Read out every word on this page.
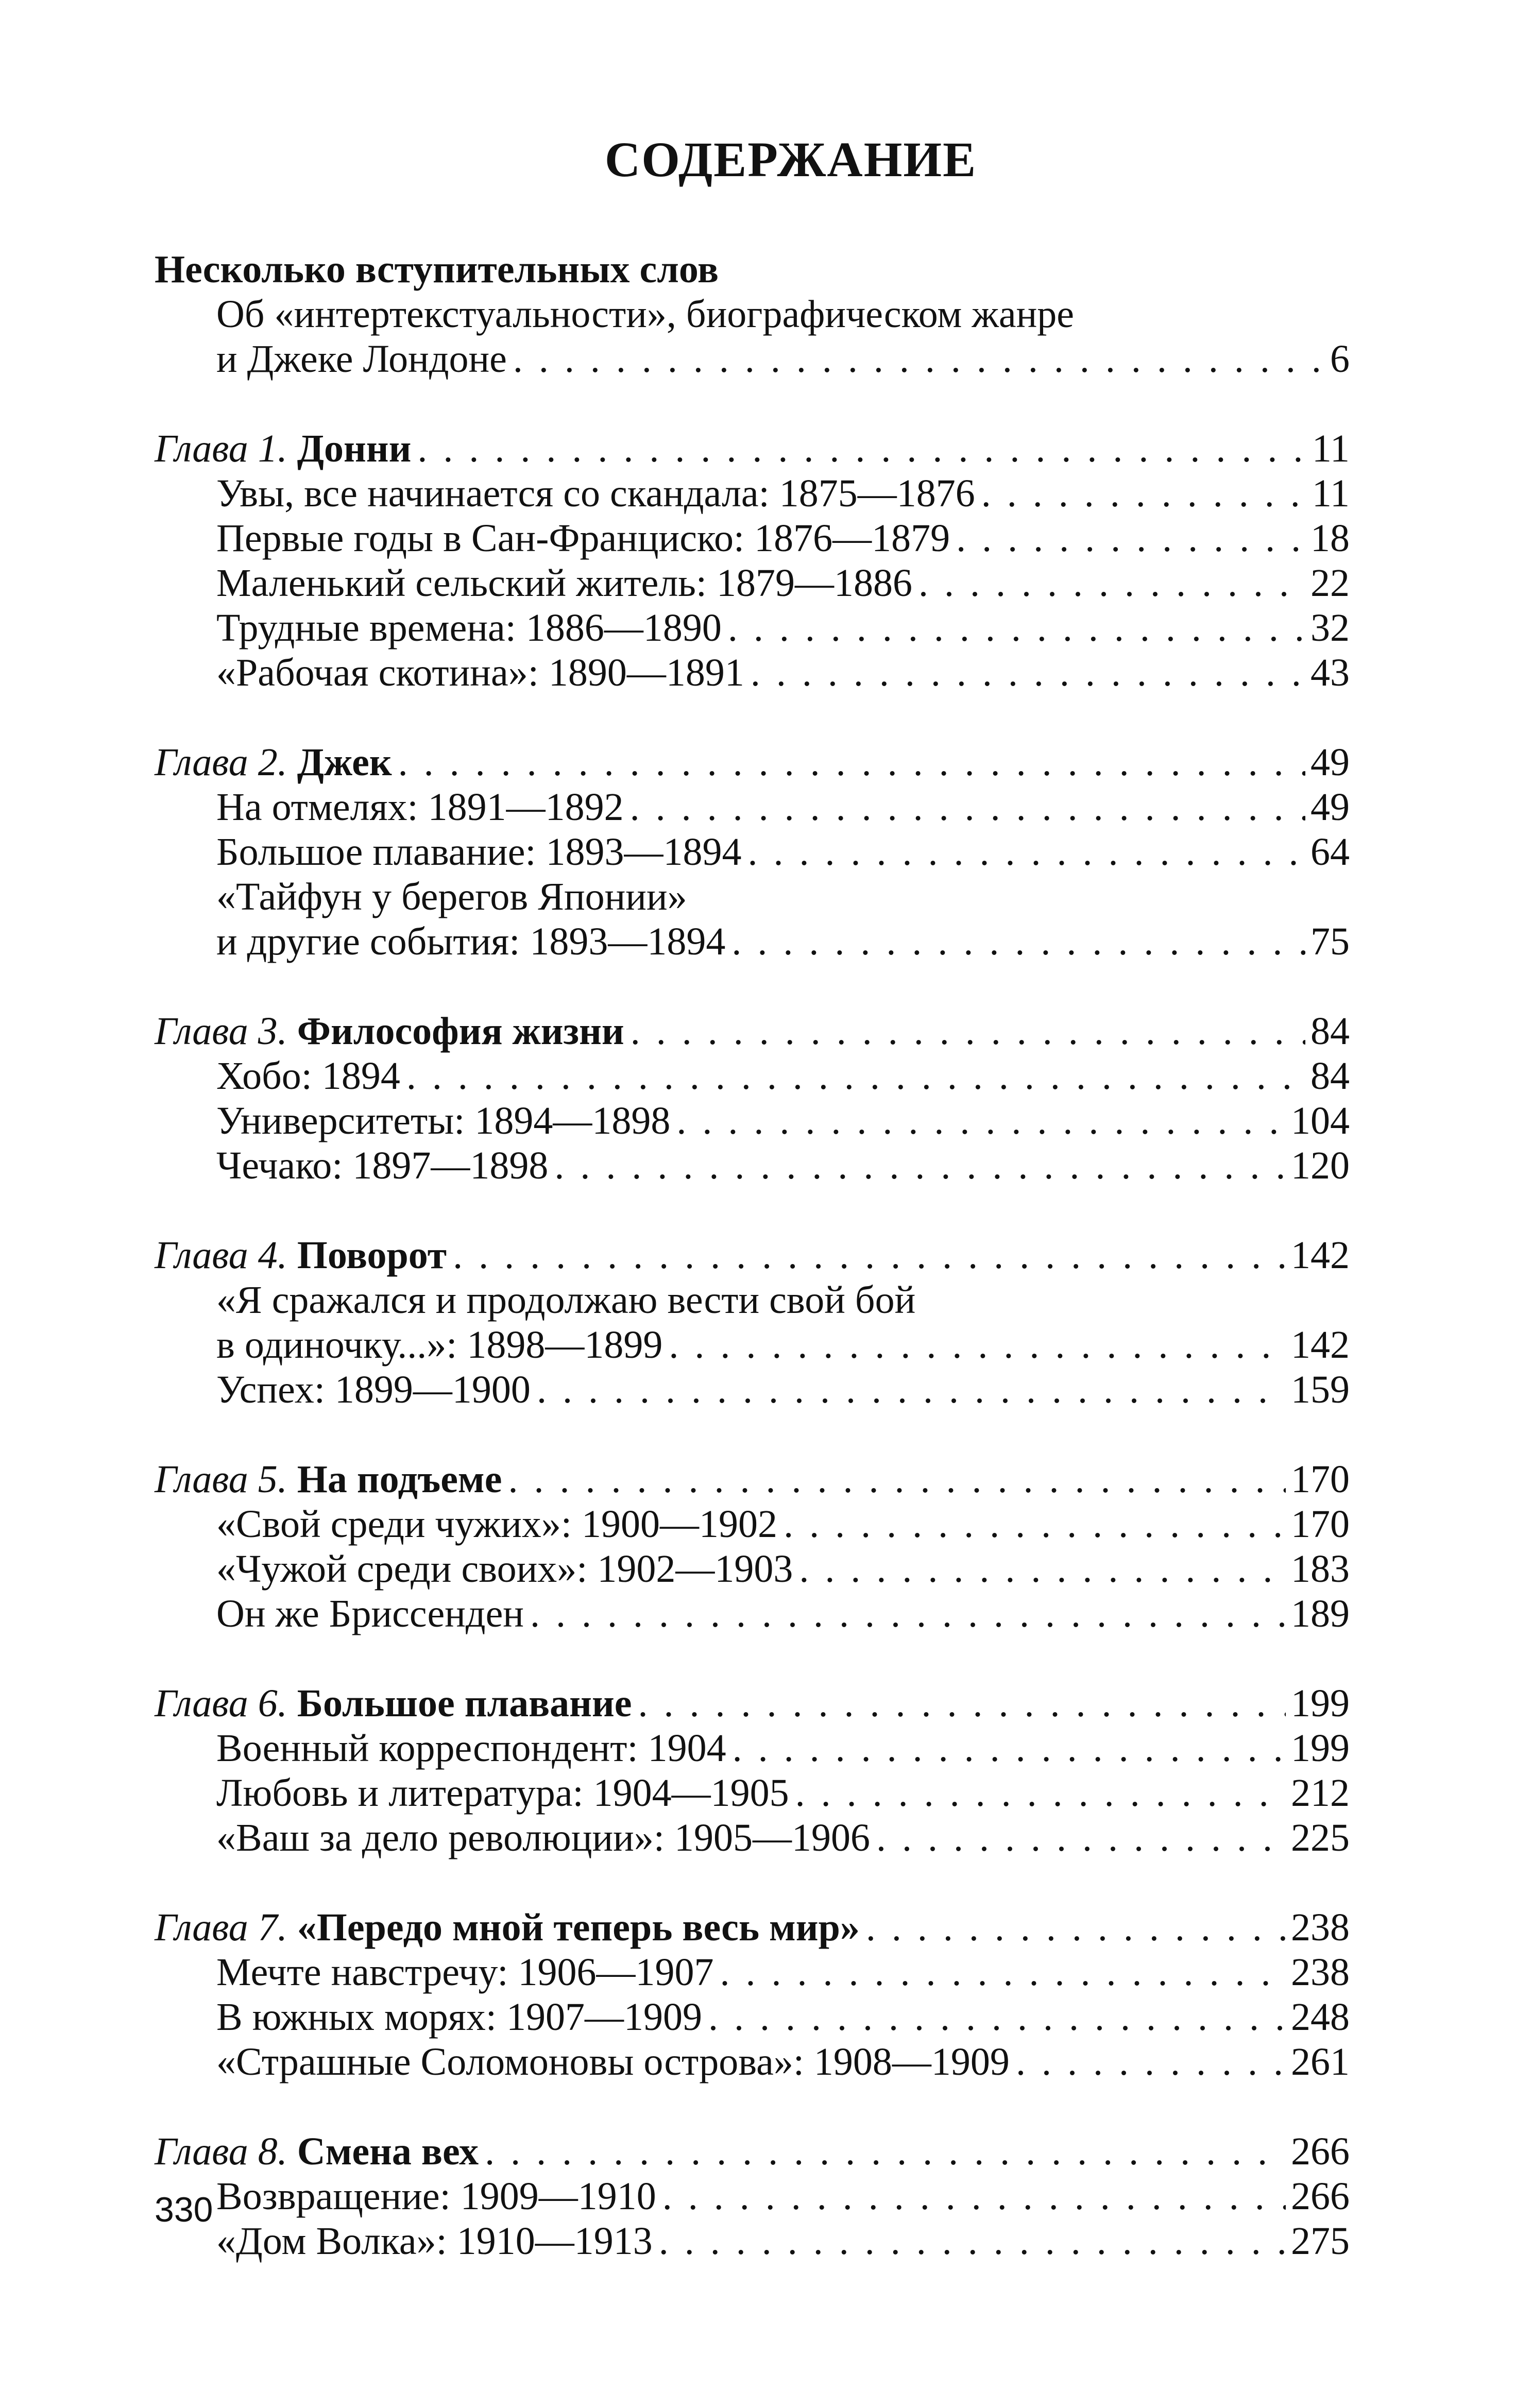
СОДЕРЖАНИЕ
Несколько вступительных слов
Об «интертекстуальности», биографическом жанре
и Джеке Лондоне . . .	6
Глава 1. Донни . . .	11
Увы, все начинается со скандала: 1875—1876 . . .	11
Первые годы в Сан-Франциско: 1876—1879 . . .	18
Маленький сельский житель: 1879—1886 . . .	22
Трудные времена: 1886—1890 . . .	32
«Рабочая скотина»: 1890—1891 . . .	43
Глава 2. Джек . . .	49
На отмелях: 1891—1892 . . .	49
Большое плавание: 1893—1894 . . .	64
«Тайфун у берегов Японии»
и другие события: 1893—1894 . . .	75
Глава 3. Философия жизни . . .	84
Хобо: 1894 . . .	84
Университеты: 1894—1898 . . .	104
Чечако: 1897—1898 . . .	120
Глава 4. Поворот . . .	142
«Я сражался и продолжаю вести свой бой
в одиночку...»: 1898—1899 . . .	142
Успех: 1899—1900 . . .	159
Глава 5. На подъеме . . .	170
«Свой среди чужих»: 1900—1902 . . .	170
«Чужой среди своих»: 1902—1903 . . .	183
Он же Бриссенден . . .	189
Глава 6. Большое плавание . . .	199
Военный корреспондент: 1904 . . .	199
Любовь и литература: 1904—1905 . . .	212
«Ваш за дело революции»: 1905—1906 . . .	225
Глава 7. «Передо мной теперь весь мир» . . .	238
Мечте навстречу: 1906—1907 . . .	238
В южных морях: 1907—1909 . . .	248
«Страшные Соломоновы острова»: 1908—1909 . . .	261
Глава 8. Смена вех . . .	266
Возвращение: 1909—1910 . . .	266
«Дом Волка»: 1910—1913 . . .	275
330
